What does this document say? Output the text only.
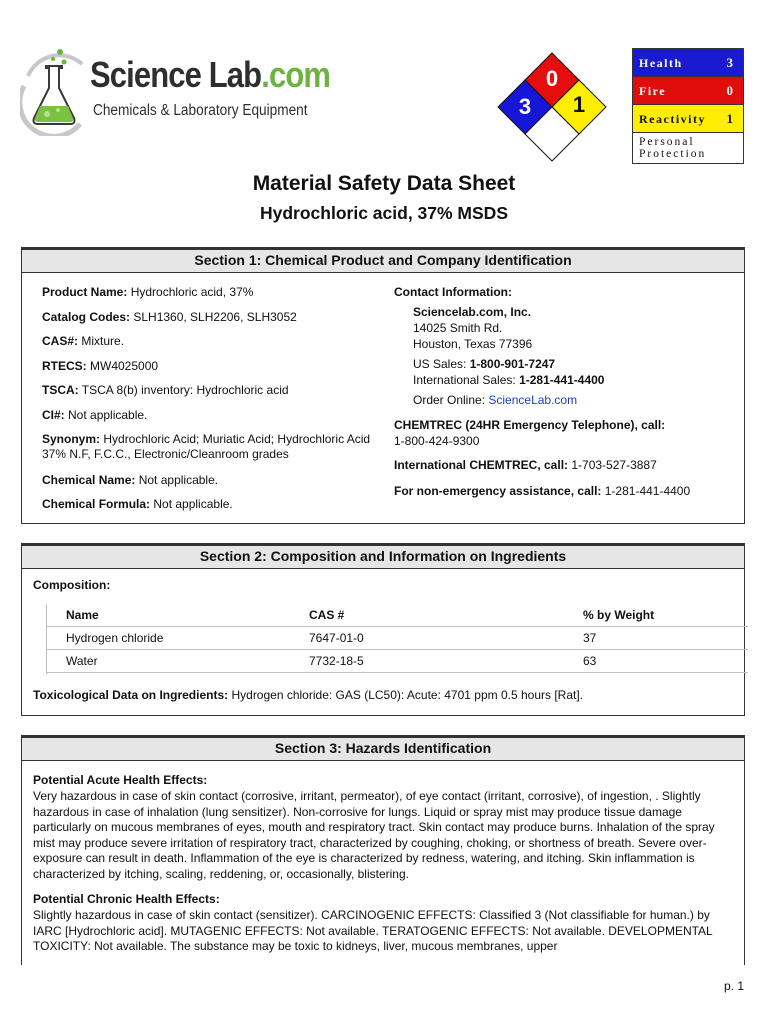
Science Lab.com
Chemicals & Laboratory Equipment
0
3	1
Health	3
Fire	0
Reactivity 1
Personal Protection
Material Safety Data Sheet
Hydrochloric acid, 37% MSDS
Section 1: Chemical Product and Company Identification
Product Name: Hydrochloric acid, 37%
Catalog Codes: SLH1360, SLH2206, SLH3052
CAS#: Mixture.
RTECS: MW4025000
TSCA: TSCA 8(b) inventory: Hydrochloric acid
CI#: Not applicable.
Synonym: Hydrochloric Acid; Muriatic Acid; Hydrochloric Acid 37% N.F, F.C.C., Electronic/Cleanroom grades
Chemical Name: Not applicable.
Chemical Formula: Not applicable.
Contact Information:
Sciencelab.com, Inc.
14025 Smith Rd.
Houston, Texas 77396
US Sales: 1-800-901-7247
International Sales: 1-281-441-4400
Order Online: ScienceLab.com
CHEMTREC (24HR Emergency Telephone), call:
1-800-424-9300
International CHEMTREC, call: 1-703-527-3887
For non-emergency assistance, call: 1-281-441-4400
Section 2: Composition and Information on Ingredients
Composition:
Name	CAS #	% by Weight
Hydrogen chloride	7647-01-0	37
Water	7732-18-5	63
Toxicological Data on Ingredients: Hydrogen chloride: GAS (LC50): Acute: 4701 ppm 0.5 hours [Rat].
Section 3: Hazards Identification
Potential Acute Health Effects:
Very hazardous in case of skin contact (corrosive, irritant, permeator), of eye contact (irritant, corrosive), of ingestion, . Slightly hazardous in case of inhalation (lung sensitizer). Non-corrosive for lungs. Liquid or spray mist may produce tissue damage particularly on mucous membranes of eyes, mouth and respiratory tract. Skin contact may produce burns. Inhalation of the spray mist may produce severe irritation of respiratory tract, characterized by coughing, choking, or shortness of breath. Severe over-exposure can result in death. Inflammation of the eye is characterized by redness, watering, and itching. Skin inflammation is characterized by itching, scaling, reddening, or, occasionally, blistering.
Potential Chronic Health Effects:
Slightly hazardous in case of skin contact (sensitizer). CARCINOGENIC EFFECTS: Classified 3 (Not classifiable for human.) by IARC [Hydrochloric acid]. MUTAGENIC EFFECTS: Not available. TERATOGENIC EFFECTS: Not available. DEVELOPMENTAL TOXICITY: Not available. The substance may be toxic to kidneys, liver, mucous membranes, upper
p. 1
